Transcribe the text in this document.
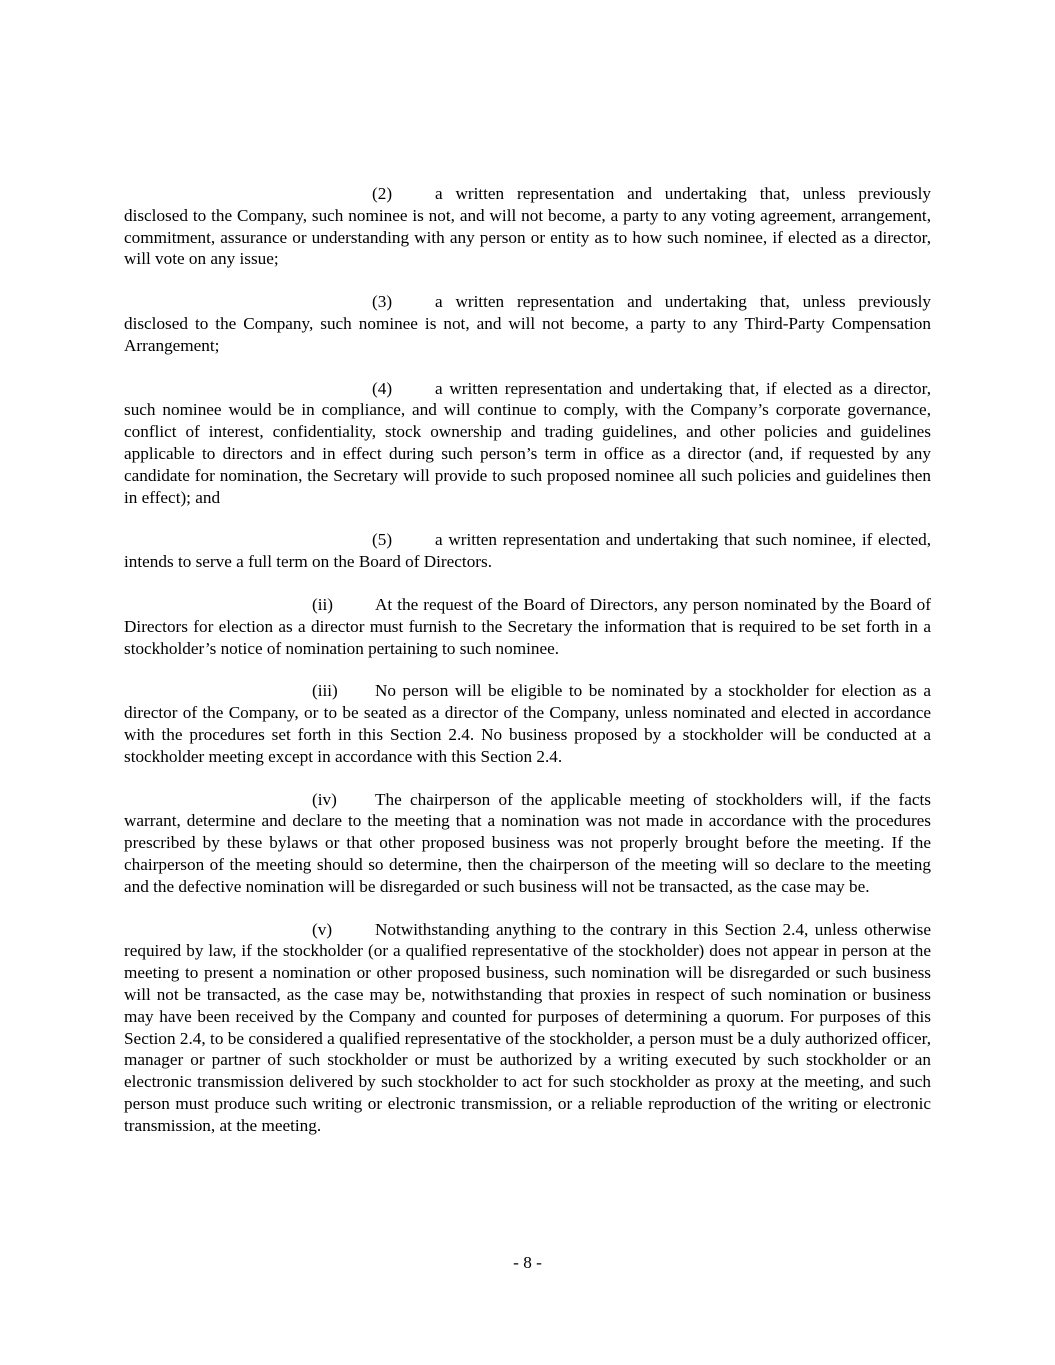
(2) a written representation and undertaking that, unless previously disclosed to the Company, such nominee is not, and will not become, a party to any voting agreement, arrangement, commitment, assurance or understanding with any person or entity as to how such nominee, if elected as a director, will vote on any issue;

(3) a written representation and undertaking that, unless previously disclosed to the Company, such nominee is not, and will not become, a party to any Third-Party Compensation Arrangement;

(4) a written representation and undertaking that, if elected as a director, such nominee would be in compliance, and will continue to comply, with the Company’s corporate governance, conflict of interest, confidentiality, stock ownership and trading guidelines, and other policies and guidelines applicable to directors and in effect during such person’s term in office as a director (and, if requested by any candidate for nomination, the Secretary will provide to such proposed nominee all such policies and guidelines then in effect); and

(5) a written representation and undertaking that such nominee, if elected, intends to serve a full term on the Board of Directors.

(ii) At the request of the Board of Directors, any person nominated by the Board of Directors for election as a director must furnish to the Secretary the information that is required to be set forth in a stockholder’s notice of nomination pertaining to such nominee.

(iii) No person will be eligible to be nominated by a stockholder for election as a director of the Company, or to be seated as a director of the Company, unless nominated and elected in accordance with the procedures set forth in this Section 2.4. No business proposed by a stockholder will be conducted at a stockholder meeting except in accordance with this Section 2.4.

(iv) The chairperson of the applicable meeting of stockholders will, if the facts warrant, determine and declare to the meeting that a nomination was not made in accordance with the procedures prescribed by these bylaws or that other proposed business was not properly brought before the meeting. If the chairperson of the meeting should so determine, then the chairperson of the meeting will so declare to the meeting and the defective nomination will be disregarded or such business will not be transacted, as the case may be.

(v) Notwithstanding anything to the contrary in this Section 2.4, unless otherwise required by law, if the stockholder (or a qualified representative of the stockholder) does not appear in person at the meeting to present a nomination or other proposed business, such nomination will be disregarded or such business will not be transacted, as the case may be, notwithstanding that proxies in respect of such nomination or business may have been received by the Company and counted for purposes of determining a quorum. For purposes of this Section 2.4, to be considered a qualified representative of the stockholder, a person must be a duly authorized officer, manager or partner of such stockholder or must be authorized by a writing executed by such stockholder or an electronic transmission delivered by such stockholder to act for such stockholder as proxy at the meeting, and such person must produce such writing or electronic transmission, or a reliable reproduction of the writing or electronic transmission, at the meeting.

- 8 -
